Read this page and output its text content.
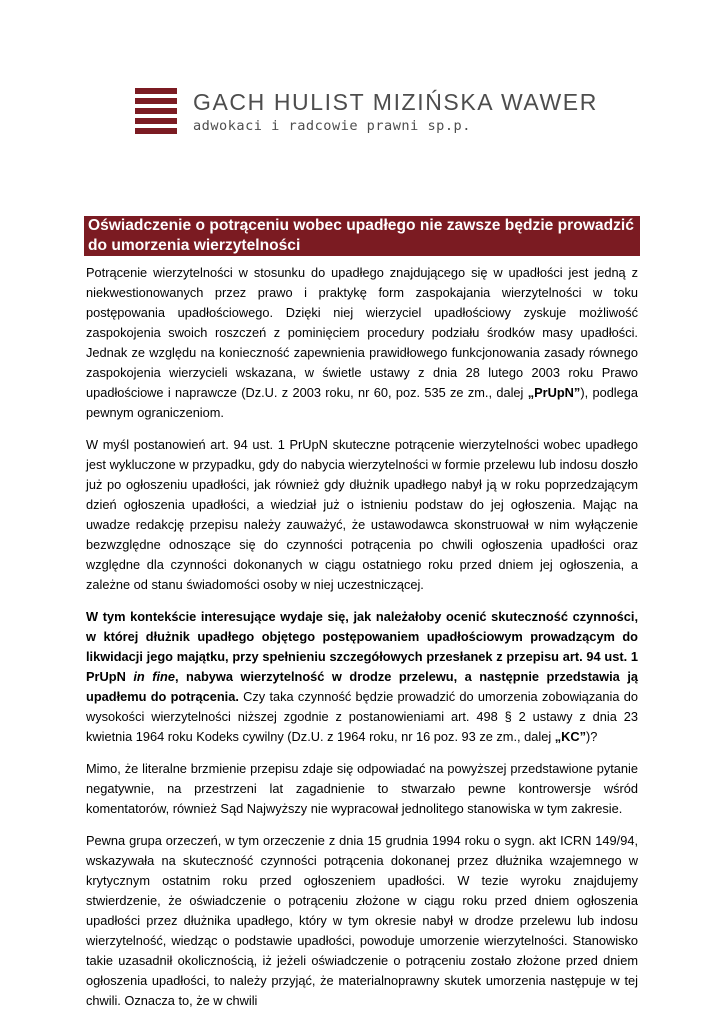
GACH HULIST MIZIŃSKA WAWER
adwokaci i radcowie prawni sp.p.
Oświadczenie o potrąceniu wobec upadłego nie zawsze będzie prowadzić do umorzenia wierzytelności

Potrącenie wierzytelności w stosunku do upadłego znajdującego się w upadłości jest jedną z niekwestionowanych przez prawo i praktykę form zaspokajania wierzytelności w toku postępowania upadłościowego. Dzięki niej wierzyciel upadłościowy zyskuje możliwość zaspokojenia swoich roszczeń z pominięciem procedury podziału środków masy upadłości. Jednak ze względu na konieczność zapewnienia prawidłowego funkcjonowania zasady równego zaspokojenia wierzycieli wskazana, w świetle ustawy z dnia 28 lutego 2003 roku Prawo upadłościowe i naprawcze (Dz.U. z 2003 roku, nr 60, poz. 535 ze zm., dalej „PrUpN”), podlega pewnym ograniczeniom.

W myśl postanowień art. 94 ust. 1 PrUpN skuteczne potrącenie wierzytelności wobec upadłego jest wykluczone w przypadku, gdy do nabycia wierzytelności w formie przelewu lub indosu doszło już po ogłoszeniu upadłości, jak również gdy dłużnik upadłego nabył ją w roku poprzedzającym dzień ogłoszenia upadłości, a wiedział już o istnieniu podstaw do jej ogłoszenia. Mając na uwadze redakcję przepisu należy zauważyć, że ustawodawca skonstruował w nim wyłączenie bezwzględne odnoszące się do czynności potrącenia po chwili ogłoszenia upadłości oraz względne dla czynności dokonanych w ciągu ostatniego roku przed dniem jej ogłoszenia, a zależne od stanu świadomości osoby w niej uczestniczącej.

W tym kontekście interesujące wydaje się, jak należałoby ocenić skuteczność czynności, w której dłużnik upadłego objętego postępowaniem upadłościowym prowadzącym do likwidacji jego majątku, przy spełnieniu szczegółowych przesłanek z przepisu art. 94 ust. 1 PrUpN in fine, nabywa wierzytelność w drodze przelewu, a następnie przedstawia ją upadłemu do potrącenia. Czy taka czynność będzie prowadzić do umorzenia zobowiązania do wysokości wierzytelności niższej zgodnie z postanowieniami art. 498 § 2 ustawy z dnia 23 kwietnia 1964 roku Kodeks cywilny (Dz.U. z 1964 roku, nr 16 poz. 93 ze zm., dalej „KC”)?

Mimo, że literalne brzmienie przepisu zdaje się odpowiadać na powyższej przedstawione pytanie negatywnie, na przestrzeni lat zagadnienie to stwarzało pewne kontrowersje wśród komentatorów, również Sąd Najwyższy nie wypracował jednolitego stanowiska w tym zakresie.

Pewna grupa orzeczeń, w tym orzeczenie z dnia 15 grudnia 1994 roku o sygn. akt ICRN 149/94, wskazywała na skuteczność czynności potrącenia dokonanej przez dłużnika wzajemnego w krytycznym ostatnim roku przed ogłoszeniem upadłości. W tezie wyroku znajdujemy stwierdzenie, że oświadczenie o potrąceniu złożone w ciągu roku przed dniem ogłoszenia upadłości przez dłużnika upadłego, który w tym okresie nabył w drodze przelewu lub indosu wierzytelność, wiedząc o podstawie upadłości, powoduje umorzenie wierzytelności. Stanowisko takie uzasadnił okolicznością, iż jeżeli oświadczenie o potrąceniu zostało złożone przed dniem ogłoszenia upadłości, to należy przyjąć, że materialnoprawny skutek umorzenia następuje w tej chwili. Oznacza to, że w chwili
